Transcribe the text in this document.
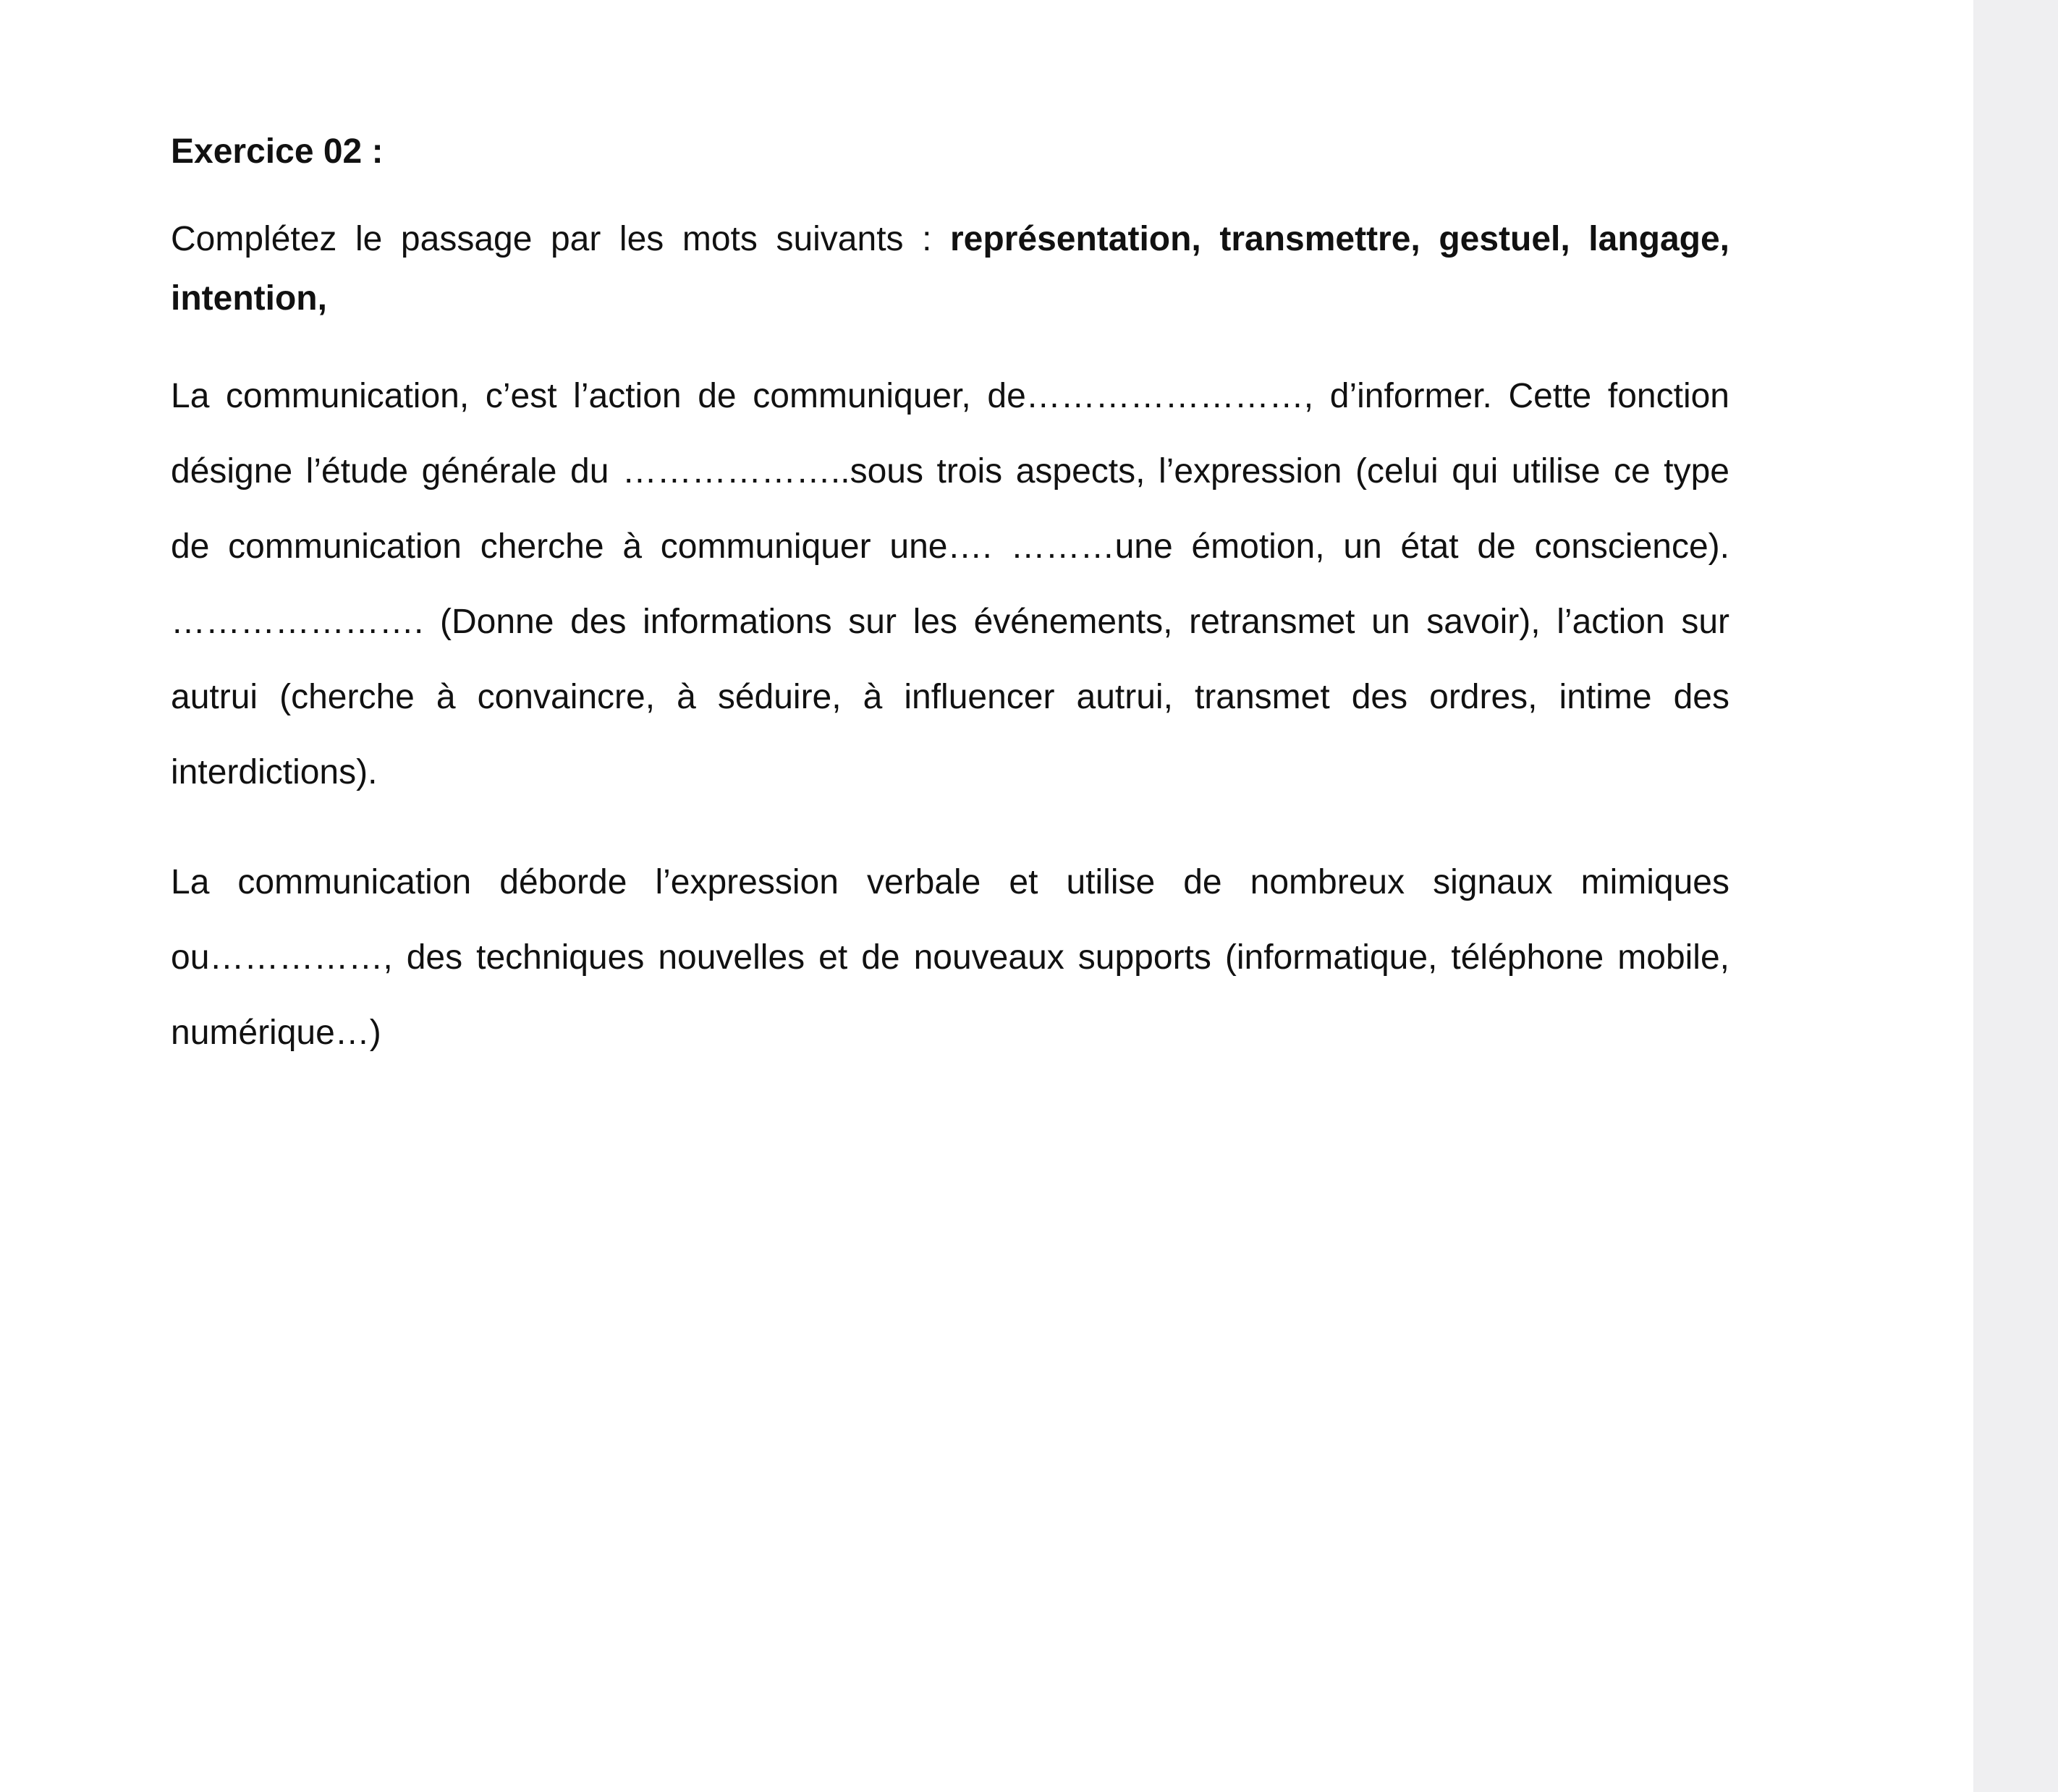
Exercice 02 :

Complétez le passage par les mots suivants : représentation, transmettre, gestuel, langage, intention,

La communication, c’est l’action de communiquer, de……………………, d’informer. Cette fonction désigne l’étude générale du ………………..sous trois aspects, l’expression (celui qui utilise ce type de communication cherche à communiquer une…. ………une émotion, un état de conscience). …………………. (Donne des informations sur les événements, retransmet un savoir), l’action sur autrui (cherche à convaincre, à séduire, à influencer autrui, transmet des ordres, intime des interdictions).

La communication déborde l’expression verbale et utilise de nombreux signaux mimiques ou……………, des techniques nouvelles et de nouveaux supports (informatique, téléphone mobile, numérique…)
